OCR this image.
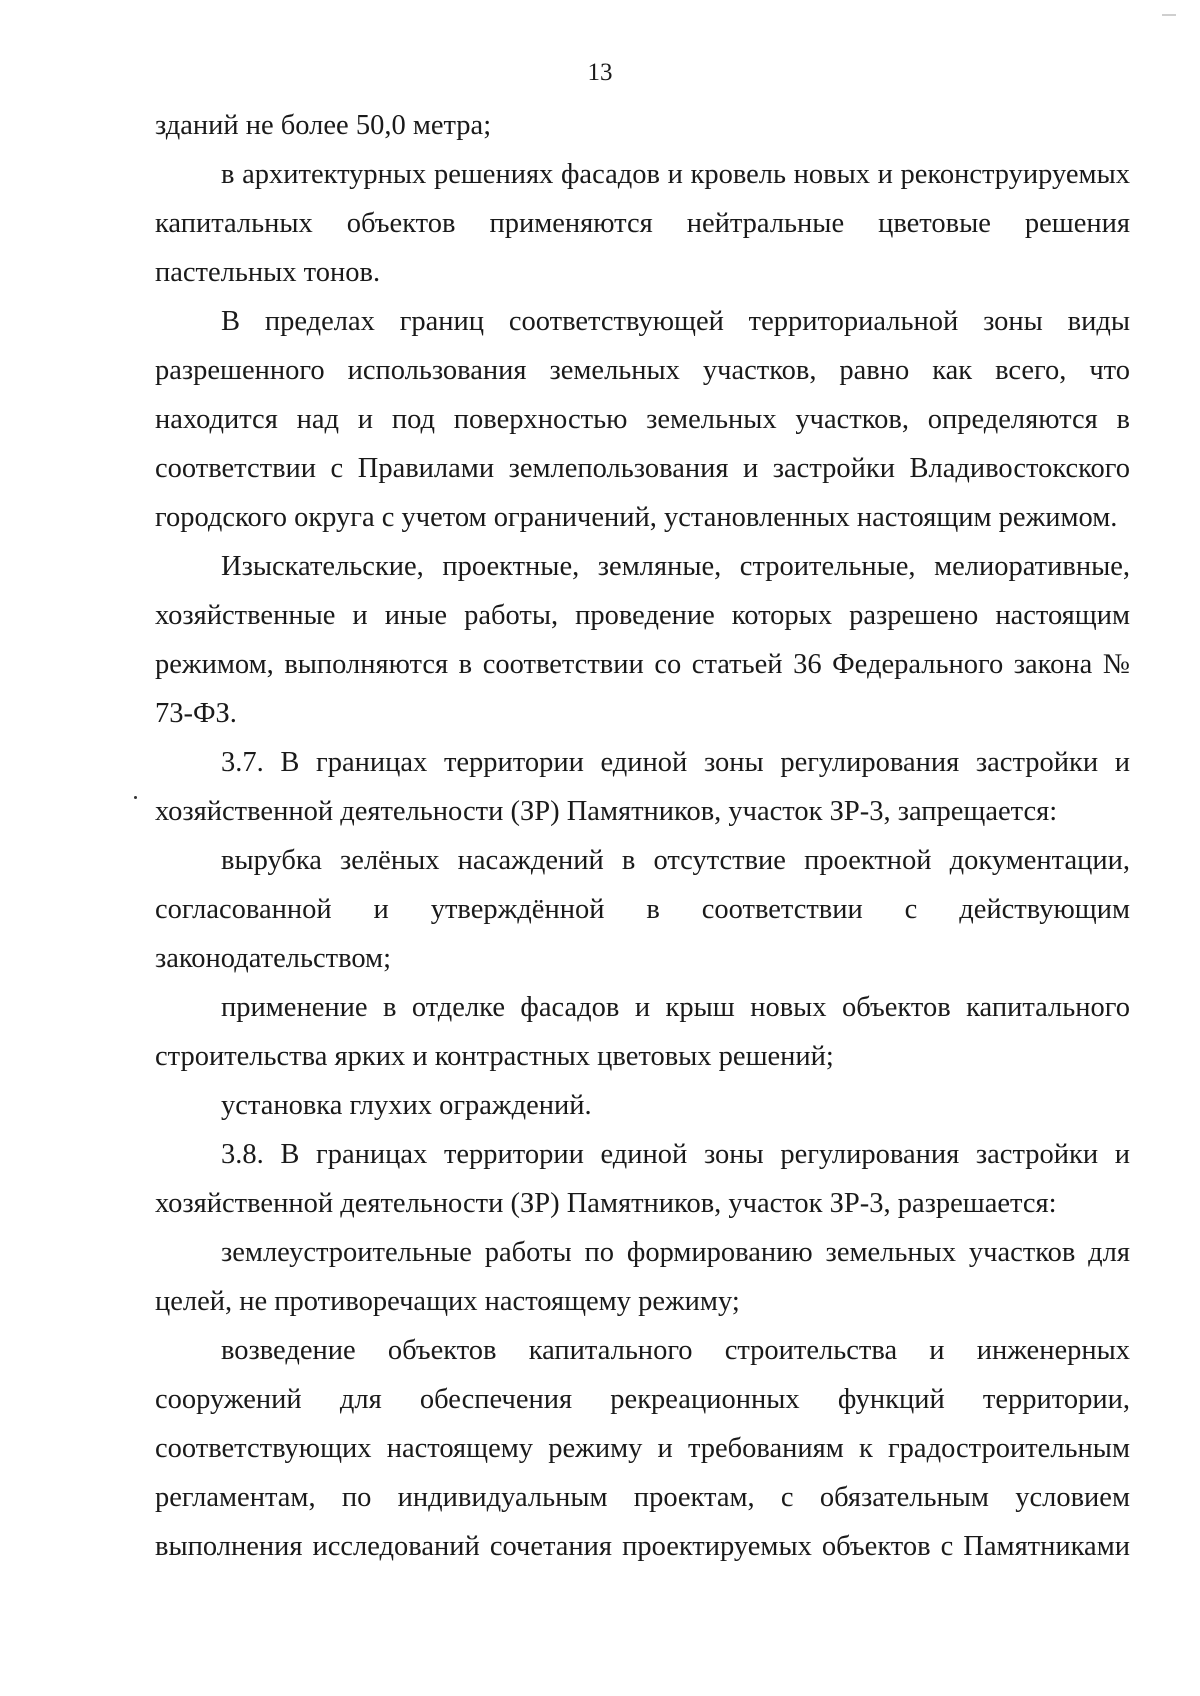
13

зданий не более 50,0 метра;

в архитектурных решениях фасадов и кровель новых и реконструируемых капитальных объектов применяются нейтральные цветовые решения пастельных тонов.

В пределах границ соответствующей территориальной зоны виды разрешенного использования земельных участков, равно как всего, что находится над и под поверхностью земельных участков, определяются в соответствии с Правилами землепользования и застройки Владивостокского городского округа с учетом ограничений, установленных настоящим режимом.

Изыскательские, проектные, земляные, строительные, мелиоративные, хозяйственные и иные работы, проведение которых разрешено настоящим режимом, выполняются в соответствии со статьей 36 Федерального закона № 73-ФЗ.

3.7. В границах территории единой зоны регулирования застройки и хозяйственной деятельности (ЗР) Памятников, участок ЗР-3, запрещается:

вырубка зелёных насаждений в отсутствие проектной документации, согласованной и утверждённой в соответствии с действующим законодательством;

применение в отделке фасадов и крыш новых объектов капитального строительства ярких и контрастных цветовых решений;

установка глухих ограждений.

3.8. В границах территории единой зоны регулирования застройки и хозяйственной деятельности (ЗР) Памятников, участок ЗР-3, разрешается:

землеустроительные работы по формированию земельных участков для целей, не противоречащих настоящему режиму;

возведение объектов капитального строительства и инженерных сооружений для обеспечения рекреационных функций территории, соответствующих настоящему режиму и требованиям к градостроительным регламентам, по индивидуальным проектам, с обязательным условием выполнения исследований сочетания проектируемых объектов с Памятниками
